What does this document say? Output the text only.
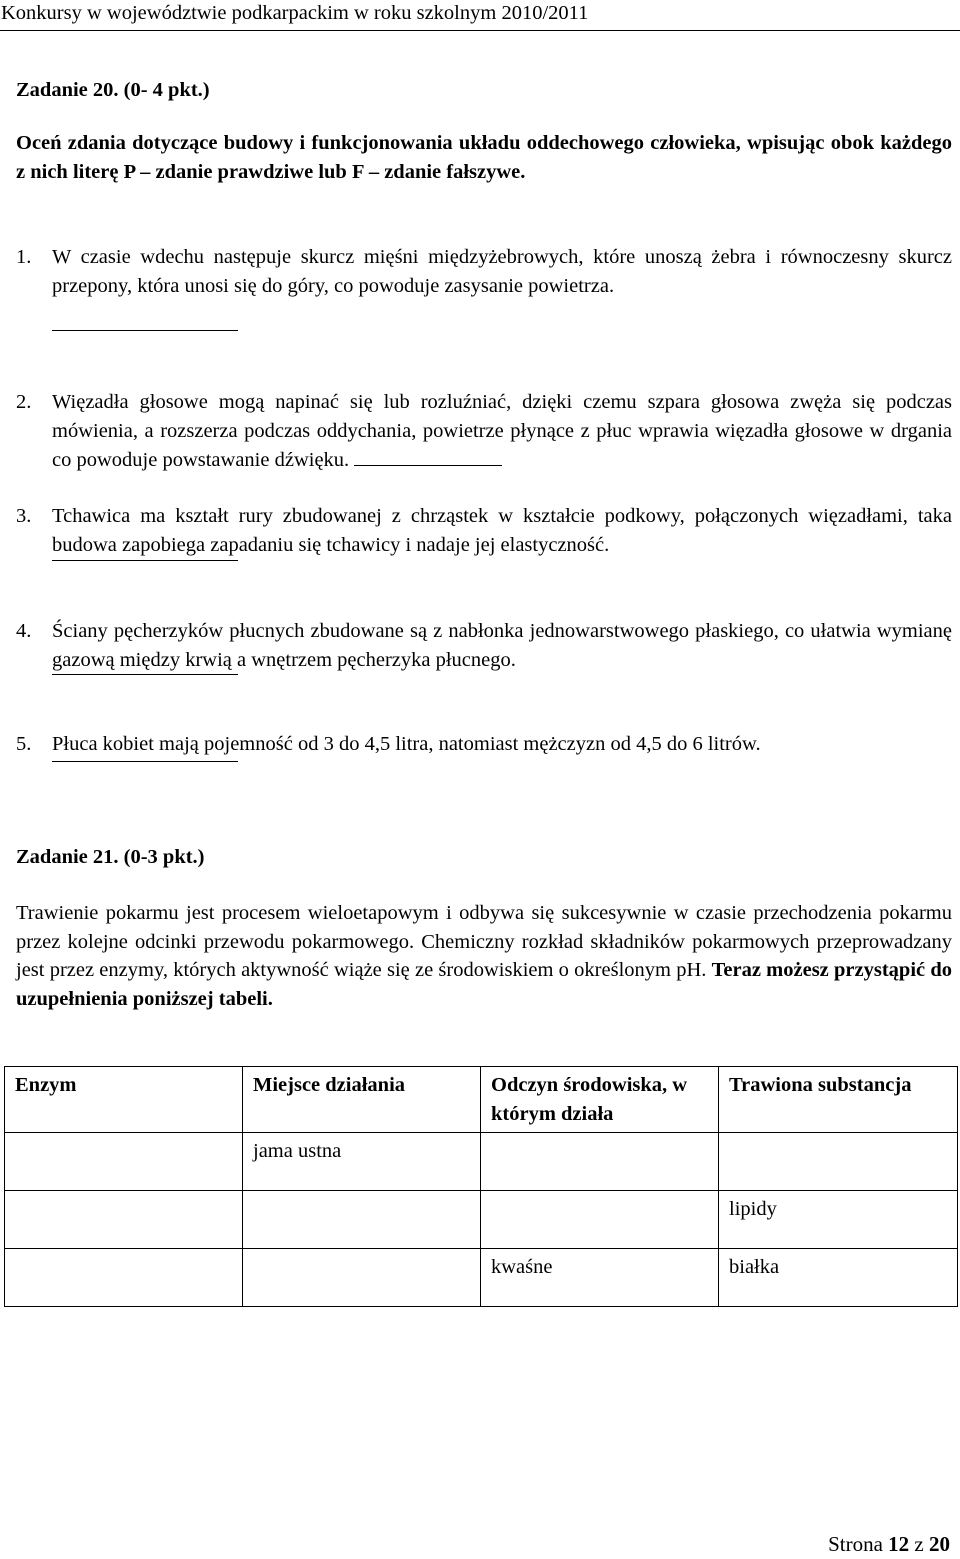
Konkursy w województwie podkarpackim w roku szkolnym 2010/2011
Zadanie 20. (0- 4 pkt.)

Oceń zdania dotyczące budowy i funkcjonowania układu oddechowego człowieka, wpisując obok każdego z nich literę P – zdanie prawdziwe lub F – zdanie fałszywe.

1.	W czasie wdechu następuje skurcz mięśni międzyżebrowych, które unoszą żebra i równoczesny skurcz przepony, która unosi się do góry, co powoduje zasysanie powietrza.
2.	Więzadła głosowe mogą napinać się lub rozluźniać, dzięki czemu szpara głosowa zwęża się podczas mówienia, a rozszerza podczas oddychania, powietrze płynące z płuc wprawia więzadła głosowe w drgania co powoduje powstawanie dźwięku.
3.	Tchawica ma kształt rury zbudowanej z chrząstek w kształcie podkowy, połączonych więzadłami, taka budowa zapobiega zapadaniu się tchawicy i nadaje jej elastyczność.
4.	Ściany pęcherzyków płucnych zbudowane są z nabłonka jednowarstwowego płaskiego, co ułatwia wymianę gazową między krwią a wnętrzem pęcherzyka płucnego.
5.	Płuca kobiet mają pojemność od 3 do 4,5 litra, natomiast mężczyzn od 4,5 do 6 litrów.
Zadanie 21. (0-3 pkt.)

Trawienie pokarmu jest procesem wieloetapowym i odbywa się sukcesywnie w czasie przechodzenia pokarmu przez kolejne odcinki przewodu pokarmowego. Chemiczny rozkład składników pokarmowych przeprowadzany jest przez enzymy, których aktywność wiąże się ze środowiskiem o określonym pH. Teraz możesz przystąpić do uzupełnienia poniższej tabeli.

Enzym	Miejsce działania	Odczyn środowiska, w którym działa	Trawiona substancja
	jama ustna		
			lipidy
		kwaśne	białka
Strona 12 z 20
